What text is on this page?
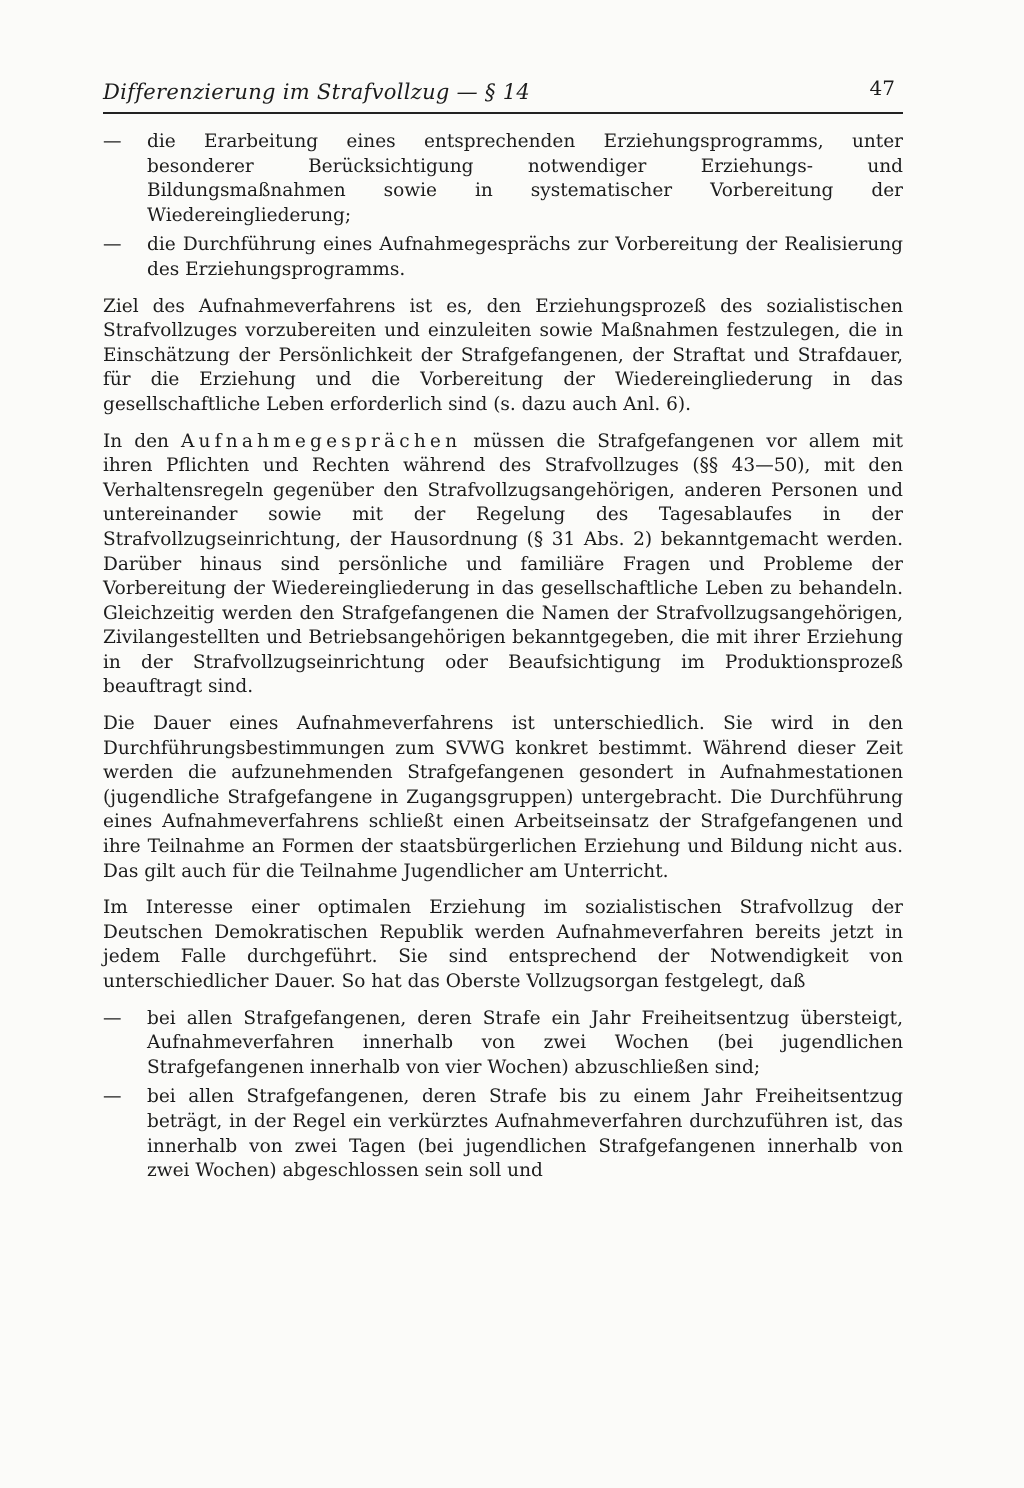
Differenzierung im Strafvollzug — § 14	47
— die Erarbeitung eines entsprechenden Erziehungsprogramms, unter besonderer Berücksichtigung notwendiger Erziehungs- und Bildungsmaßnahmen sowie in systematischer Vorbereitung der Wiedereingliederung;
— die Durchführung eines Aufnahmegesprächs zur Vorbereitung der Realisierung des Erziehungsprogramms.

Ziel des Aufnahmeverfahrens ist es, den Erziehungsprozeß des sozialistischen Strafvollzuges vorzubereiten und einzuleiten sowie Maßnahmen festzulegen, die in Einschätzung der Persönlichkeit der Strafgefangenen, der Straftat und Strafdauer, für die Erziehung und die Vorbereitung der Wiedereingliederung in das gesellschaftliche Leben erforderlich sind (s. dazu auch Anl. 6).

In den Aufnahmegesprächen müssen die Strafgefangenen vor allem mit ihren Pflichten und Rechten während des Strafvollzuges (§§ 43—50), mit den Verhaltensregeln gegenüber den Strafvollzugsangehörigen, anderen Personen und untereinander sowie mit der Regelung des Tagesablaufes in der Strafvollzugseinrichtung, der Hausordnung (§ 31 Abs. 2) bekanntgemacht werden. Darüber hinaus sind persönliche und familiäre Fragen und Probleme der Vorbereitung der Wiedereingliederung in das gesellschaftliche Leben zu behandeln. Gleichzeitig werden den Strafgefangenen die Namen der Strafvollzugsangehörigen, Zivilangestellten und Betriebsangehörigen bekanntgegeben, die mit ihrer Erziehung in der Strafvollzugseinrichtung oder Beaufsichtigung im Produktionsprozeß beauftragt sind.

Die Dauer eines Aufnahmeverfahrens ist unterschiedlich. Sie wird in den Durchführungsbestimmungen zum SVWG konkret bestimmt. Während dieser Zeit werden die aufzunehmenden Strafgefangenen gesondert in Aufnahmestationen (jugendliche Strafgefangene in Zugangsgruppen) untergebracht. Die Durchführung eines Aufnahmeverfahrens schließt einen Arbeitseinsatz der Strafgefangenen und ihre Teilnahme an Formen der staatsbürgerlichen Erziehung und Bildung nicht aus. Das gilt auch für die Teilnahme Jugendlicher am Unterricht.

Im Interesse einer optimalen Erziehung im sozialistischen Strafvollzug der Deutschen Demokratischen Republik werden Aufnahmeverfahren bereits jetzt in jedem Falle durchgeführt. Sie sind entsprechend der Notwendigkeit von unterschiedlicher Dauer. So hat das Oberste Vollzugsorgan festgelegt, daß

— bei allen Strafgefangenen, deren Strafe ein Jahr Freiheitsentzug übersteigt, Aufnahmeverfahren innerhalb von zwei Wochen (bei jugendlichen Strafgefangenen innerhalb von vier Wochen) abzuschließen sind;
— bei allen Strafgefangenen, deren Strafe bis zu einem Jahr Freiheitsentzug beträgt, in der Regel ein verkürztes Aufnahmeverfahren durchzuführen ist, das innerhalb von zwei Tagen (bei jugendlichen Strafgefangenen innerhalb von zwei Wochen) abgeschlossen sein soll und
